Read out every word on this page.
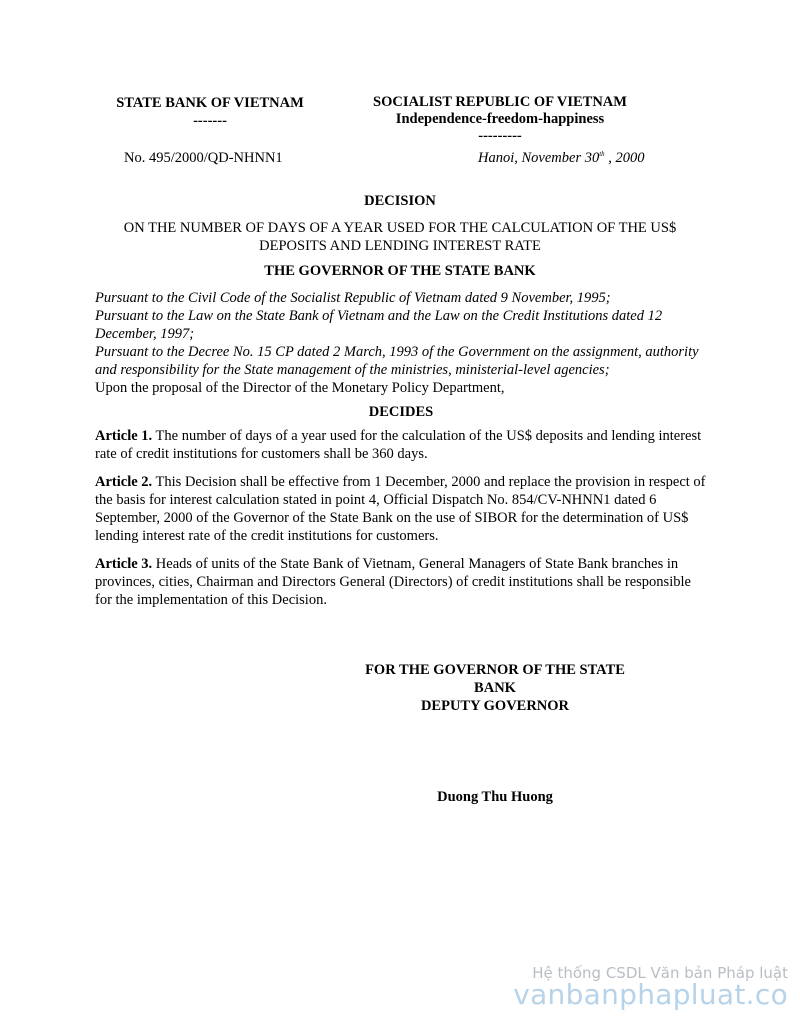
STATE BANK OF VIETNAM
-------
SOCIALIST REPUBLIC OF VIETNAM
Independence-freedom-happiness
---------
No. 495/2000/QD-NHNN1	Hanoi, November 30th , 2000
DECISION
ON THE NUMBER OF DAYS OF A YEAR USED FOR THE CALCULATION OF THE US$ DEPOSITS AND LENDING INTEREST RATE
THE GOVERNOR OF THE STATE BANK

Pursuant to the Civil Code of the Socialist Republic of Vietnam dated 9 November, 1995;

Pursuant to the Law on the State Bank of Vietnam and the Law on the Credit Institutions dated 12 December, 1997;

Pursuant to the Decree No. 15 CP dated 2 March, 1993 of the Government on the assignment, authority and responsibility for the State management of the ministries, ministerial-level agencies;

Upon the proposal of the Director of the Monetary Policy Department,

DECIDES

Article 1. The number of days of a year used for the calculation of the US$ deposits and lending interest rate of credit institutions for customers shall be 360 days.

Article 2. This Decision shall be effective from 1 December, 2000 and replace the provision in respect of the basis for interest calculation stated in point 4, Official Dispatch No. 854/CV-NHNN1 dated 6 September, 2000 of the Governor of the State Bank on the use of SIBOR for the determination of US$ lending interest rate of the credit institutions for customers.

Article 3. Heads of units of the State Bank of Vietnam, General Managers of State Bank branches in provinces, cities, Chairman and Directors General (Directors) of credit institutions shall be responsible for the implementation of this Decision.

FOR THE GOVERNOR OF THE STATE
BANK
DEPUTY GOVERNOR
Duong Thu Huong
Hệ thống CSDL Văn bản Pháp luật
vanbanphapluat.co
